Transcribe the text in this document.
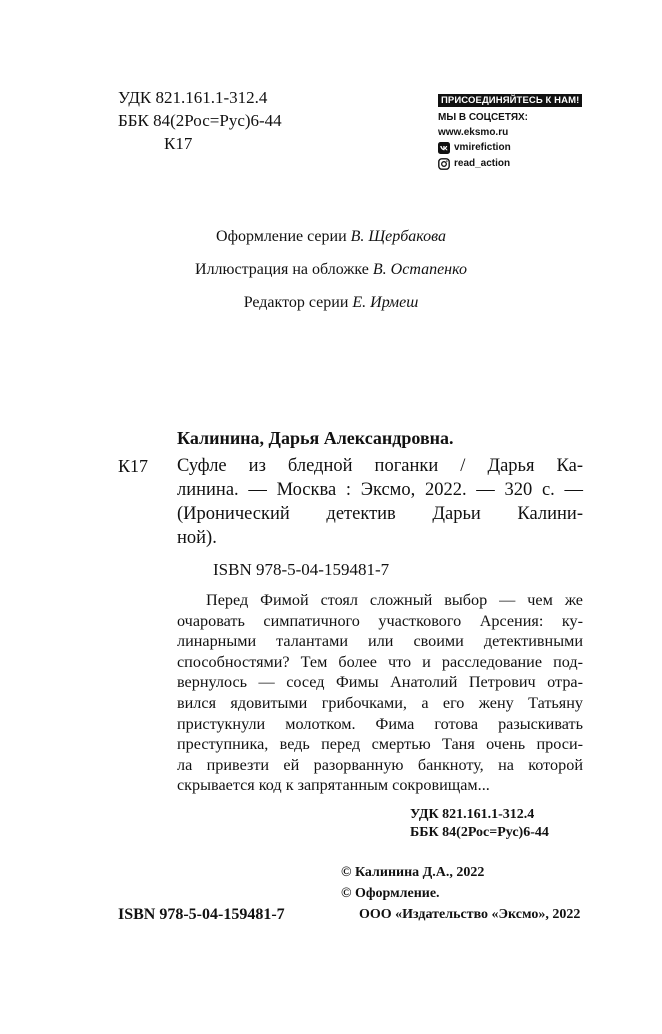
УДК 821.161.1-312.4
ББК 84(2Рос=Рус)6-44
К17
ПРИСОЕДИНЯЙТЕСЬ К НАМ!
МЫ В СОЦСЕТЯХ:
www.eksmo.ru
vmirefiction
read_action
Оформление серии В. Щербакова
Иллюстрация на обложке В. Остапенко
Редактор серии Е. Ирмеш
Калинина, Дарья Александровна.
К17 Суфле из бледной поганки / Дарья Ка-
линина. — Москва : Эксмо, 2022. — 320 с. —
(Иронический детектив Дарьи Калини-
ной).
ISBN 978-5-04-159481-7
Перед Фимой стоял сложный выбор — чем же
очаровать симпатичного участкового Арсения: ку-
линарными талантами или своими детективными
способностями? Тем более что и расследование под-
вернулось — сосед Фимы Анатолий Петрович отра-
вился ядовитыми грибочками, а его жену Татьяну
пристукнули молотком. Фима готова разыскивать
преступника, ведь перед смертью Таня очень проси-
ла привезти ей разорванную банкноту, на которой
скрывается код к запрятанным сокровищам...
УДК 821.161.1-312.4
ББК 84(2Рос=Рус)6-44
© Калинина Д.А., 2022
© Оформление.
ООО «Издательство «Эксмо», 2022
ISBN 978-5-04-159481-7
